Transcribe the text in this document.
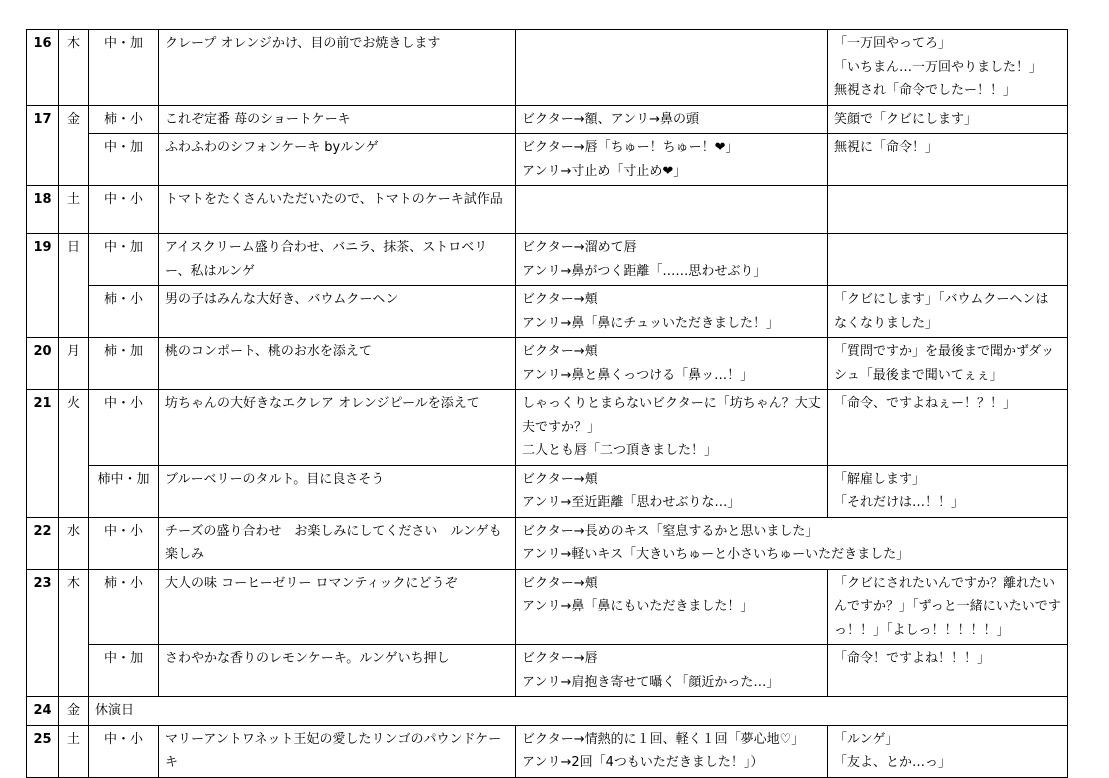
16	木	中・加	クレープ オレンジかけ、目の前でお焼きします		「一万回やってろ」
「いちまん…一万回やりました！」
無視され「命令でしたー！！」

17	金	柿・小	これぞ定番 苺のショートケーキ	ビクター→額、アンリ→鼻の頭	笑顔で「クビにします」

		中・加	ふわふわのシフォンケーキ byルンゲ	ビクター→唇「ちゅー！ちゅー！❤」
アンリ→寸止め「寸止め❤」	無視に「命令！」

18	土	中・小	トマトをたくさんいただいたので、トマトのケーキ試作品		
19	日	中・加	アイスクリーム盛り合わせ、バニラ、抹茶、ストロベリー、私はルンゲ	ビクター→溜めて唇
アンリ→鼻がつく距離「……思わせぶり」	

		柿・小	男の子はみんな大好き、バウムクーヘン	ビクター→頬
アンリ→鼻「鼻にチュッいただきました！」	「クビにします」「バウムクーヘンはなくなりました」
20	月	柿・加	桃のコンポート、桃のお水を添えて	ビクター→頬
アンリ→鼻と鼻くっつける「鼻ッ…！」	「質問ですか」を最後まで聞かずダッシュ「最後まで聞いてぇぇ」
21	火	中・小	坊ちゃんの大好きなエクレア オレンジピールを添えて	しゃっくりとまらないビクターに「坊ちゃん？大丈夫ですか？」
二人とも唇「二つ頂きました！」	「命令、ですよねぇー！？！」

		柿中・加	ブルーベリーのタルト。目に良さそう	ビクター→頬
アンリ→至近距離「思わせぶりな…」	「解雇します」
「それだけは…！！」

22	水	中・小	チーズの盛り合わせ　お楽しみにしてください　ルンゲも楽しみ	ビクター→長めのキス「窒息するかと思いました」
アンリ→軽いキス「大きいちゅーと小さいちゅーいただきました」	

23	木	柿・小	大人の味 コーヒーゼリー ロマンティックにどうぞ	ビクター→頬
アンリ→鼻「鼻にもいただきました！」	「クビにされたいんですか？離れたいんですか？」「ずっと一緒にいたいですっ！！」「よしっ！！！！！」
		中・加	さわやかな香りのレモンケーキ。ルンゲいち押し	ビクター→唇
アンリ→肩抱き寄せて囁く「顔近かった…」	「命令！ですよね！！！」

24	金	休演日			
25	土	中・小	マリーアントワネット王妃の愛したリンゴのパウンドケーキ	ビクター→情熱的に１回、軽く１回「夢心地♡」
アンリ→2回「4つもいただきました！」）	「ルンゲ」
「友よ、とか…っ」
